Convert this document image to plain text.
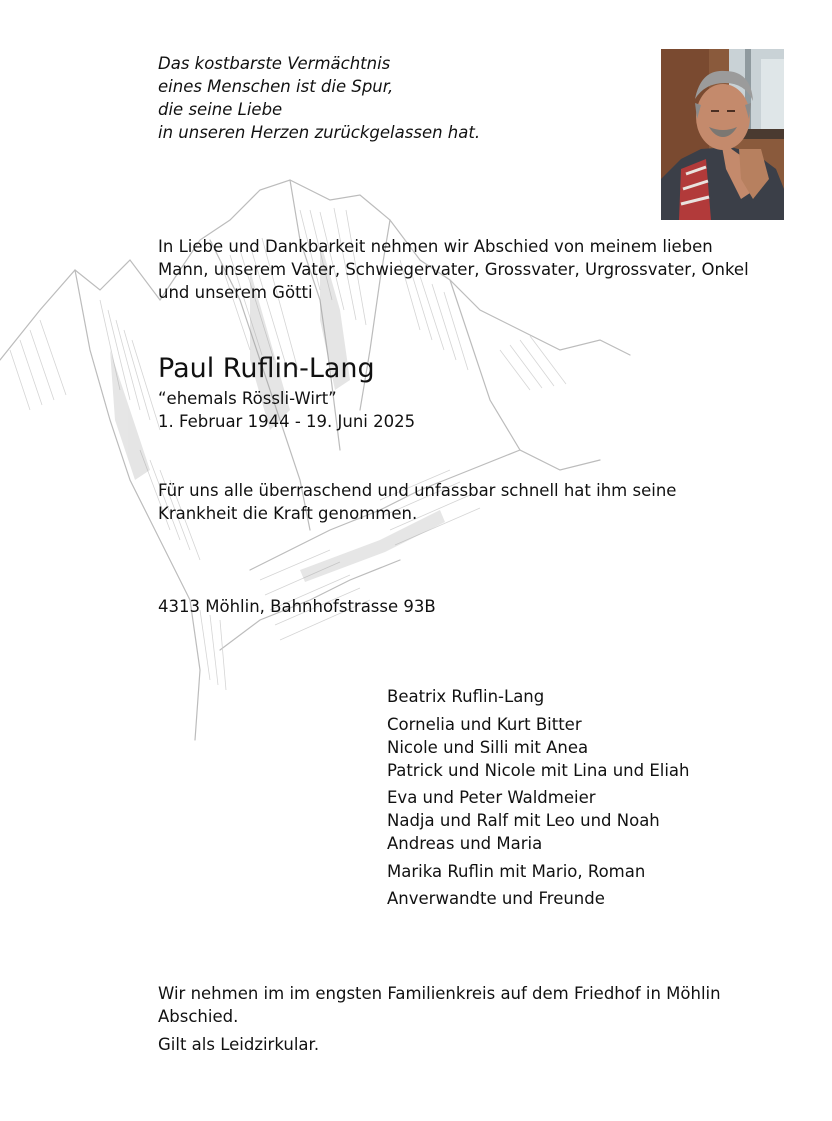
Das kostbarste Vermächtnis
eines Menschen ist die Spur,
die seine Liebe
in unseren Herzen zurückgelassen hat.
In Liebe und Dankbarkeit nehmen wir Abschied von meinem lieben
Mann, unserem Vater, Schwiegervater, Grossvater, Urgrossvater, Onkel
und unserem Götti
Paul Ruflin-Lang
“ehemals Rössli-Wirt”
1. Februar 1944 - 19. Juni 2025
Für uns alle überraschend und unfassbar schnell hat ihm seine
Krankheit die Kraft genommen.
4313 Möhlin, Bahnhofstrasse 93B
Beatrix Ruflin-Lang
Cornelia und Kurt Bitter
Nicole und Silli mit Anea
Patrick und Nicole mit Lina und Eliah
Eva und Peter Waldmeier
Nadja und Ralf mit Leo und Noah
Andreas und Maria
Marika Ruflin mit Mario, Roman
Anverwandte und Freunde
Wir nehmen im im engsten Familienkreis auf dem Friedhof in Möhlin
Abschied.
Gilt als Leidzirkular.
